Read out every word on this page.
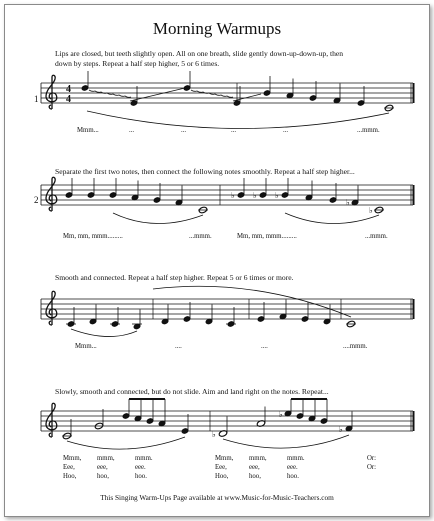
Morning Warmups
Lips are closed, but teeth slightly open. All on one breath, slide gently down-up-down-up, then
down by steps. Repeat a half step higher, 5 or 6 times.
1
4
4
Mmm...	...	...	...	...	...mmm.
Separate the first two notes, then connect the following notes smoothly. Repeat a half step higher...
2	♭ ♭ ♭
♭
♭
Mm, mm, mmm.........	...mmm.	Mm, mm, mmm.........	...mmm.
Smooth and connected. Repeat a half step higher. Repeat 5 or 6 times or more.
Mmm...	....	....	....mmm.
Slowly, smooth and connected, but do not slide. Aim and land right on the notes. Repeat...
♭
♭
♭
Mmm, mmm,	mmm.	Mmm, mmm,	mmm.	Or:
Eee,	eee,	eee.	Eee,	eee,	eee.	Or:
Hoo,	hoo,	hoo.	Hoo,	hoo,	hoo.
This Singing Warm-Ups Page available at www.Music-for-Music-Teachers.com
